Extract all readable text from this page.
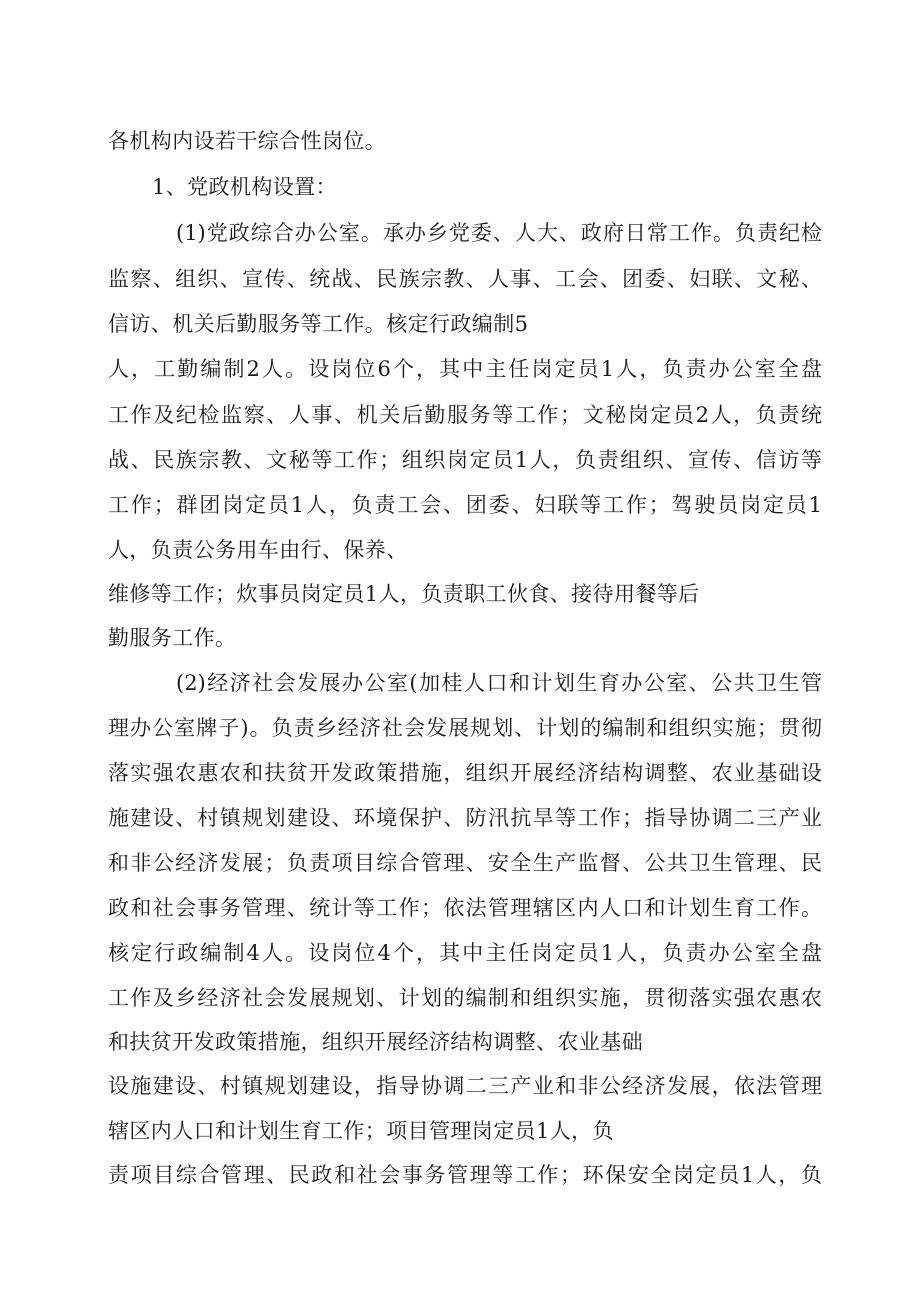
各机构内设若干综合性岗位。

1、党政机构设置：

(1)党政综合办公室。承办乡党委、人大、政府日常工作。负责纪检

监察、组织、宣传、统战、民族宗教、人事、工会、团委、妇联、文秘、

信访、机关后勤服务等工作。核定行政编制5

人，工勤编制2人。设岗位6个，其中主任岗定员1人，负责办公室全盘

工作及纪检监察、人事、机关后勤服务等工作；文秘岗定员2人，负责统

战、民族宗教、文秘等工作；组织岗定员1人，负责组织、宣传、信访等

工作；群团岗定员1人，负责工会、团委、妇联等工作；驾驶员岗定员1

人，负责公务用车由行、保养、

维修等工作；炊事员岗定员1人，负责职工伙食、接待用餐等后

勤服务工作。

(2)经济社会发展办公室(加桂人口和计划生育办公室、公共卫生管

理办公室牌子)。负责乡经济社会发展规划、计划的编制和组织实施；贯彻

落实强农惠农和扶贫开发政策措施，组织开展经济结构调整、农业基础设

施建设、村镇规划建设、环境保护、防汛抗旱等工作；指导协调二三产业

和非公经济发展；负责项目综合管理、安全生产监督、公共卫生管理、民

政和社会事务管理、统计等工作；依法管理辖区内人口和计划生育工作。

核定行政编制4人。设岗位4个，其中主任岗定员1人，负责办公室全盘

工作及乡经济社会发展规划、计划的编制和组织实施，贯彻落实强农惠农

和扶贫开发政策措施，组织开展经济结构调整、农业基础

设施建设、村镇规划建设，指导协调二三产业和非公经济发展，依法管理

辖区内人口和计划生育工作；项目管理岗定员1人，负

责项目综合管理、民政和社会事务管理等工作；环保安全岗定员1人，负
